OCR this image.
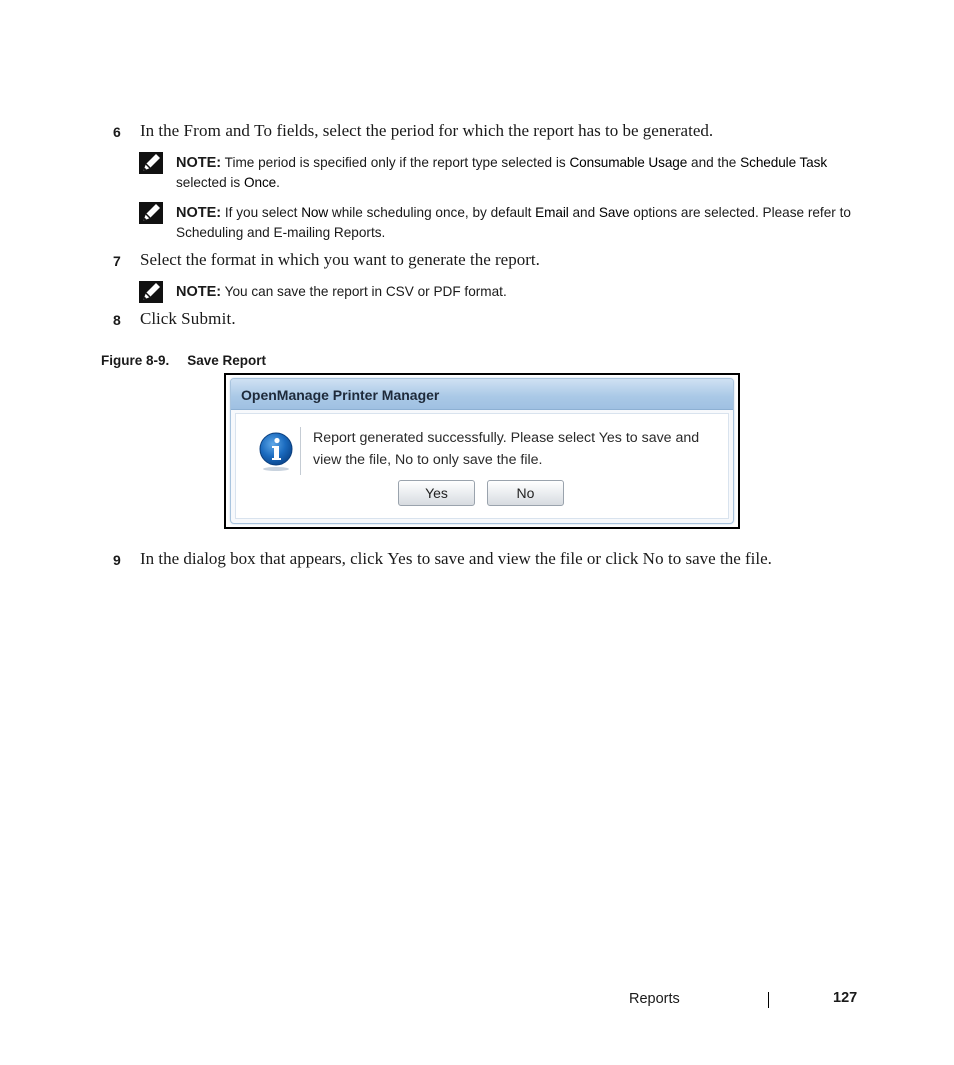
6 In the From and To fields, select the period for which the report has to be generated.
NOTE: Time period is specified only if the report type selected is Consumable Usage and the Schedule Task
selected is Once.
NOTE: If you select Now while scheduling once, by default Email and Save options are selected. Please refer to Scheduling and E-mailing Reports.
7 Select the format in which you want to generate the report.
NOTE: You can save the report in CSV or PDF format.
8 Click Submit.
Figure 8-9. Save Report
OpenManage Printer Manager
Report generated successfully. Please select Yes to save and view the file, No to only save the file.
Yes	No
9 In the dialog box that appears, click Yes to save and view the file or click No to save the file.
Reports	127
